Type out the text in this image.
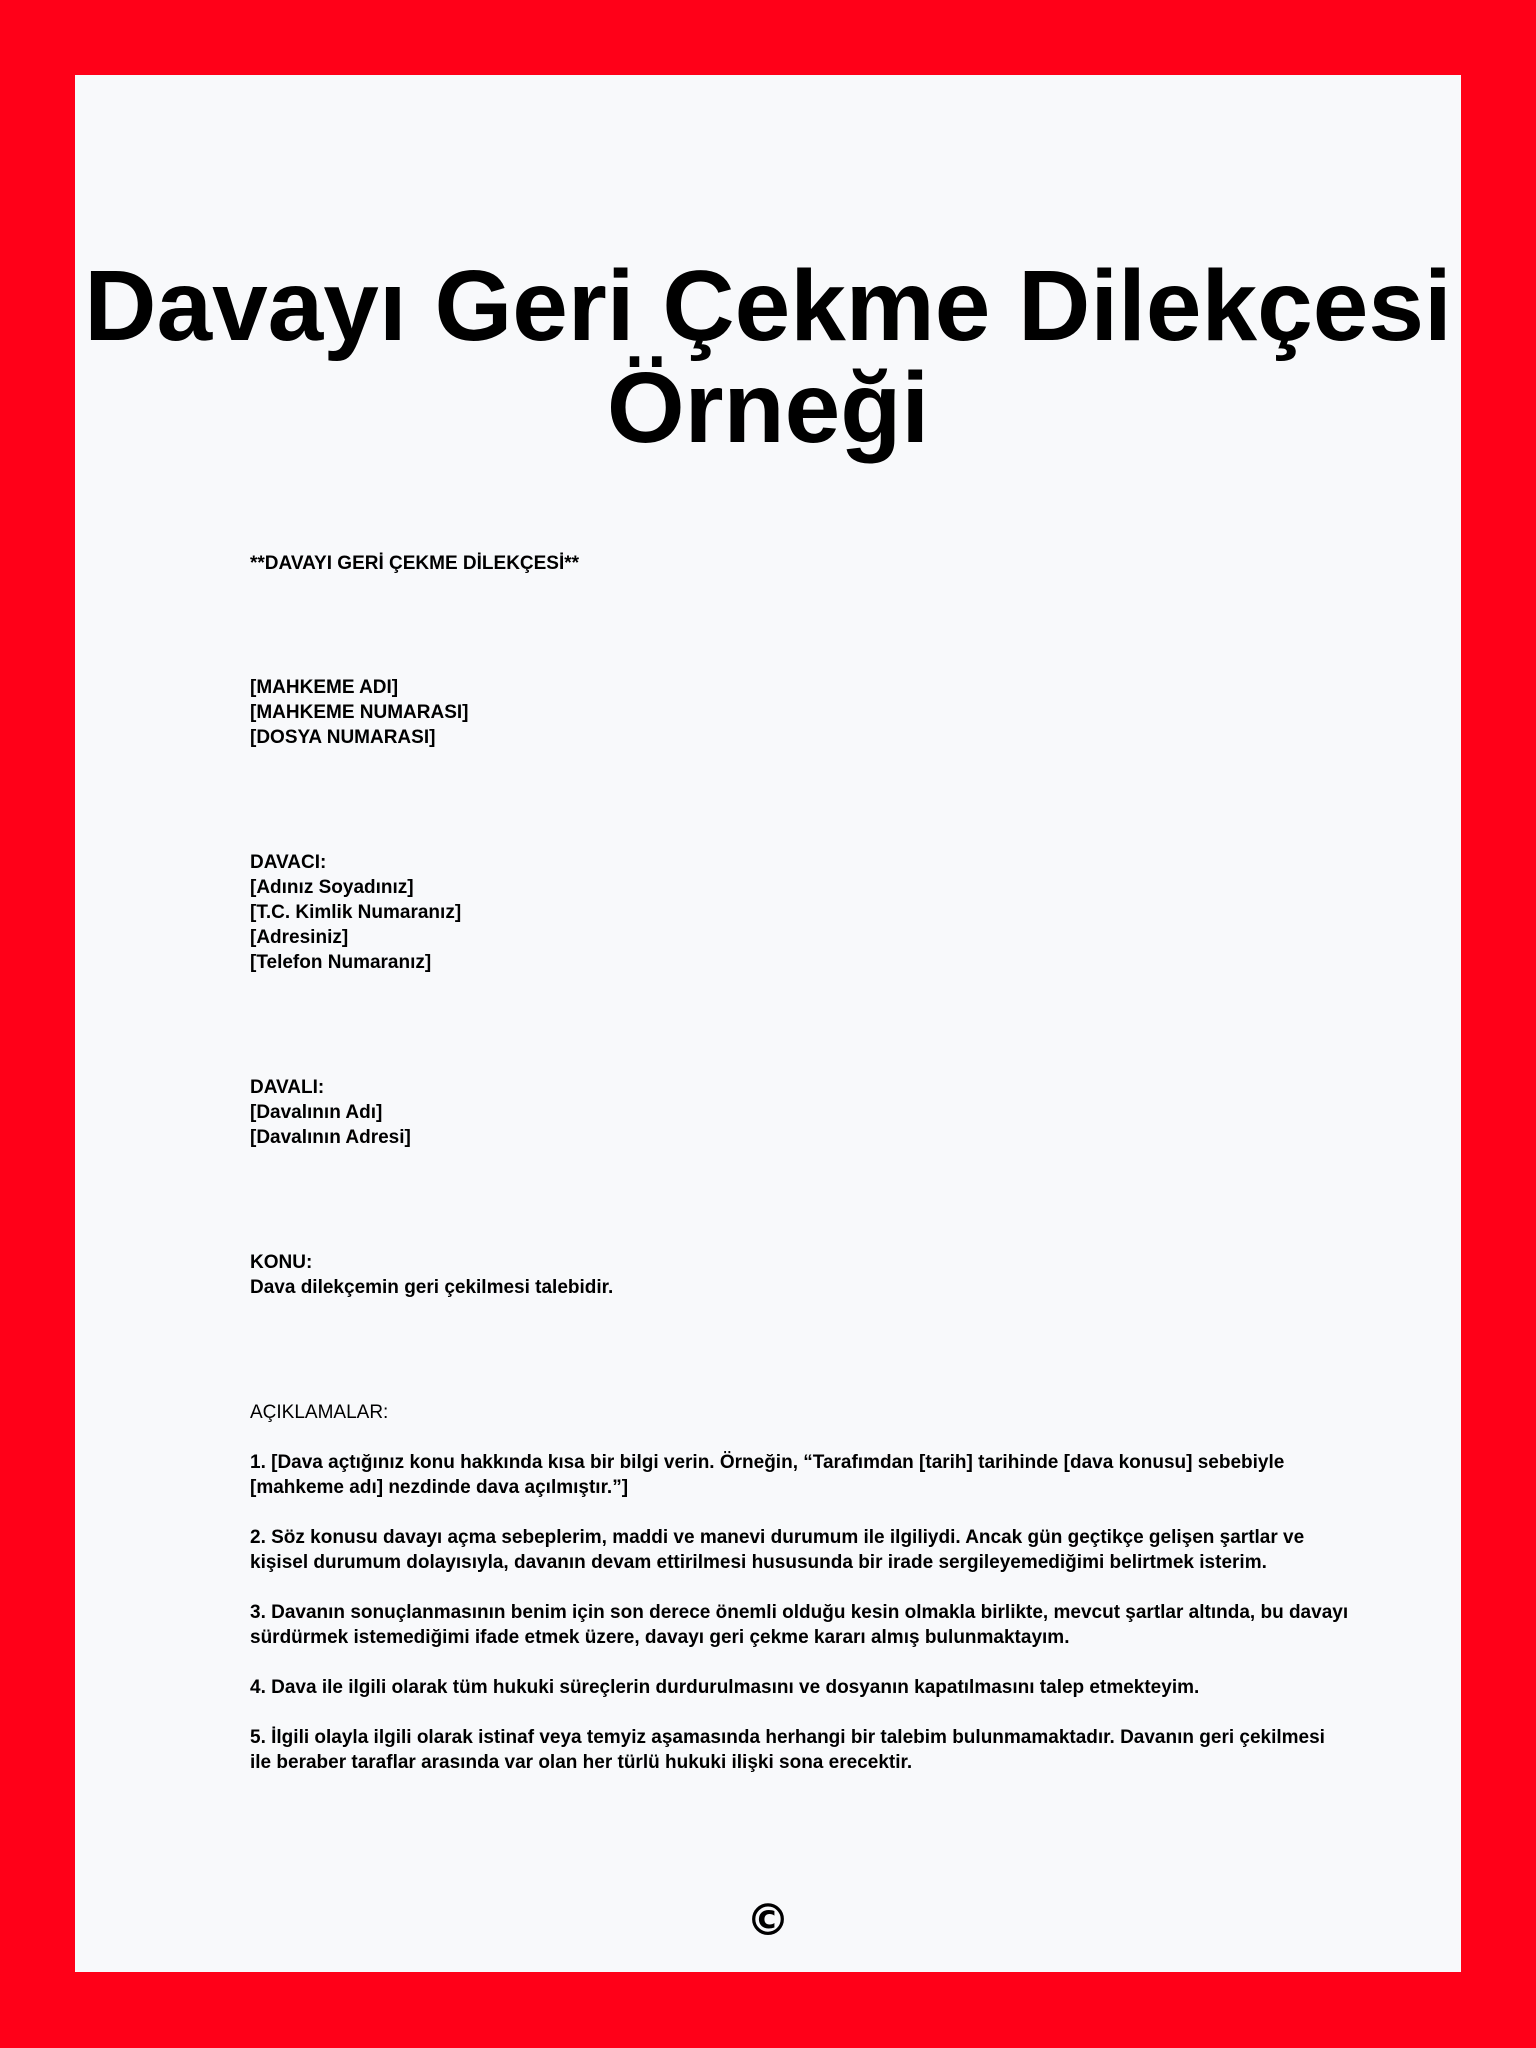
Davayı Geri Çekme Dilekçesi
Örneği
**DAVAYI GERİ ÇEKME DİLEKÇESİ**
[MAHKEME ADI]
[MAHKEME NUMARASI]
[DOSYA NUMARASI]
DAVACI:
[Adınız Soyadınız]
[T.C. Kimlik Numaranız]
[Adresiniz]
[Telefon Numaranız]
DAVALI:
[Davalının Adı]
[Davalının Adresi]
KONU:
Dava dilekçemin geri çekilmesi talebidir.
AÇIKLAMALAR:
1. [Dava açtığınız konu hakkında kısa bir bilgi verin. Örneğin, “Tarafımdan [tarih] tarihinde [dava konusu] sebebiyle [mahkeme adı] nezdinde dava açılmıştır.”]
2. Söz konusu davayı açma sebeplerim, maddi ve manevi durumum ile ilgiliydi. Ancak gün geçtikçe gelişen şartlar ve kişisel durumum dolayısıyla, davanın devam ettirilmesi hususunda bir irade sergileyemediğimi belirtmek isterim.
3. Davanın sonuçlanmasının benim için son derece önemli olduğu kesin olmakla birlikte, mevcut şartlar altında, bu davayı sürdürmek istemediğimi ifade etmek üzere, davayı geri çekme kararı almış bulunmaktayım.
4. Dava ile ilgili olarak tüm hukuki süreçlerin durdurulmasını ve dosyanın kapatılmasını talep etmekteyim.
5. İlgili olayla ilgili olarak istinaf veya temyiz aşamasında herhangi bir talebim bulunmamaktadır. Davanın geri çekilmesi ile beraber taraflar arasında var olan her türlü hukuki ilişki sona erecektir.
©
